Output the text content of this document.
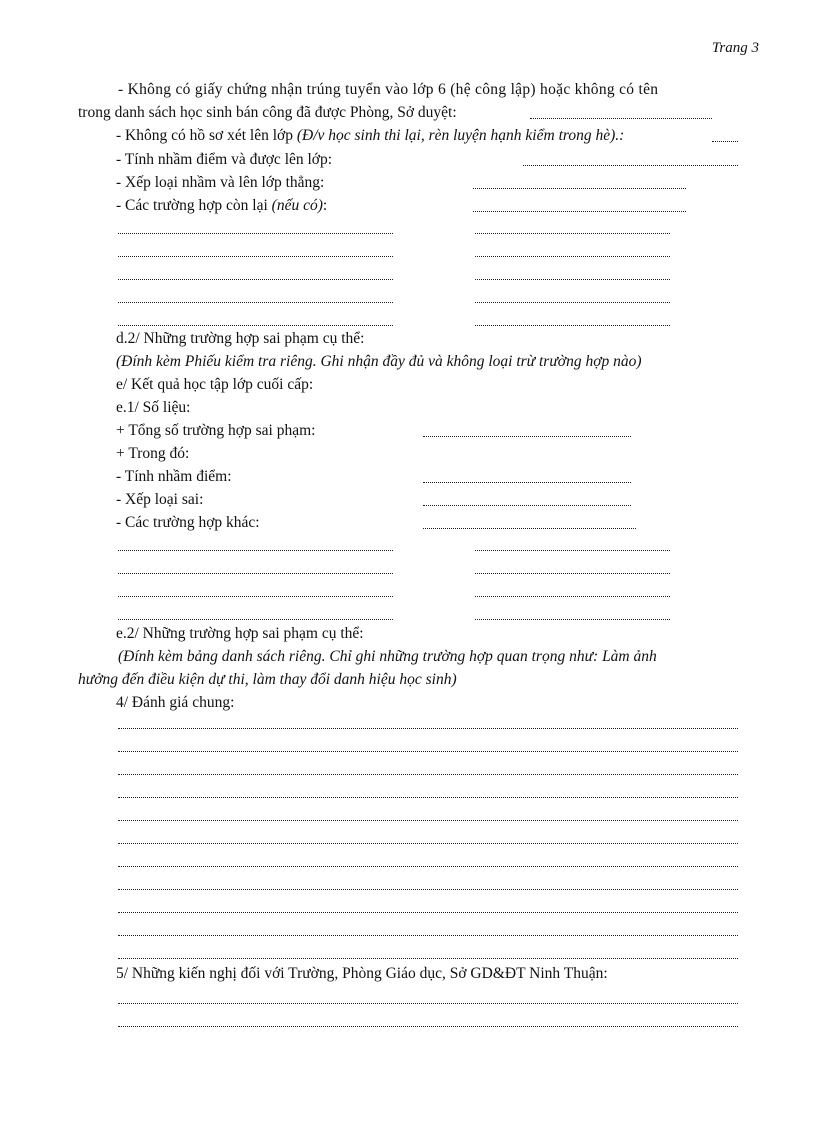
Trang 3
- Không có giấy chứng nhận trúng tuyển vào lớp 6 (hệ công lập) hoặc không có tên
trong danh sách học sinh bán công đã được Phòng, Sở duyệt:
- Không có hồ sơ xét lên lớp (Đ/v học sinh thi lại, rèn luyện hạnh kiểm trong hè).:
- Tính nhầm điểm và được lên lớp:
- Xếp loại nhầm và lên lớp thẳng:
- Các trường hợp còn lại (nếu có):
d.2/ Những trường hợp sai phạm cụ thể:
(Đính kèm Phiếu kiểm tra riêng. Ghi nhận đầy đủ và không loại trừ trường hợp nào)
e/ Kết quả học tập lớp cuối cấp:
e.1/ Số liệu:
+ Tổng số trường hợp sai phạm:
+ Trong đó:
- Tính nhầm điểm:
- Xếp loại sai:
- Các trường hợp khác:
e.2/ Những trường hợp sai phạm cụ thể:
(Đính kèm bảng danh sách riêng. Chỉ ghi những trường hợp quan trọng như: Làm ảnh
hưởng đến điều kiện dự thi, làm thay đổi danh hiệu học sinh)
4/ Đánh giá chung:
5/ Những kiến nghị đối với Trường, Phòng Giáo dục, Sở GD&ĐT Ninh Thuận:
